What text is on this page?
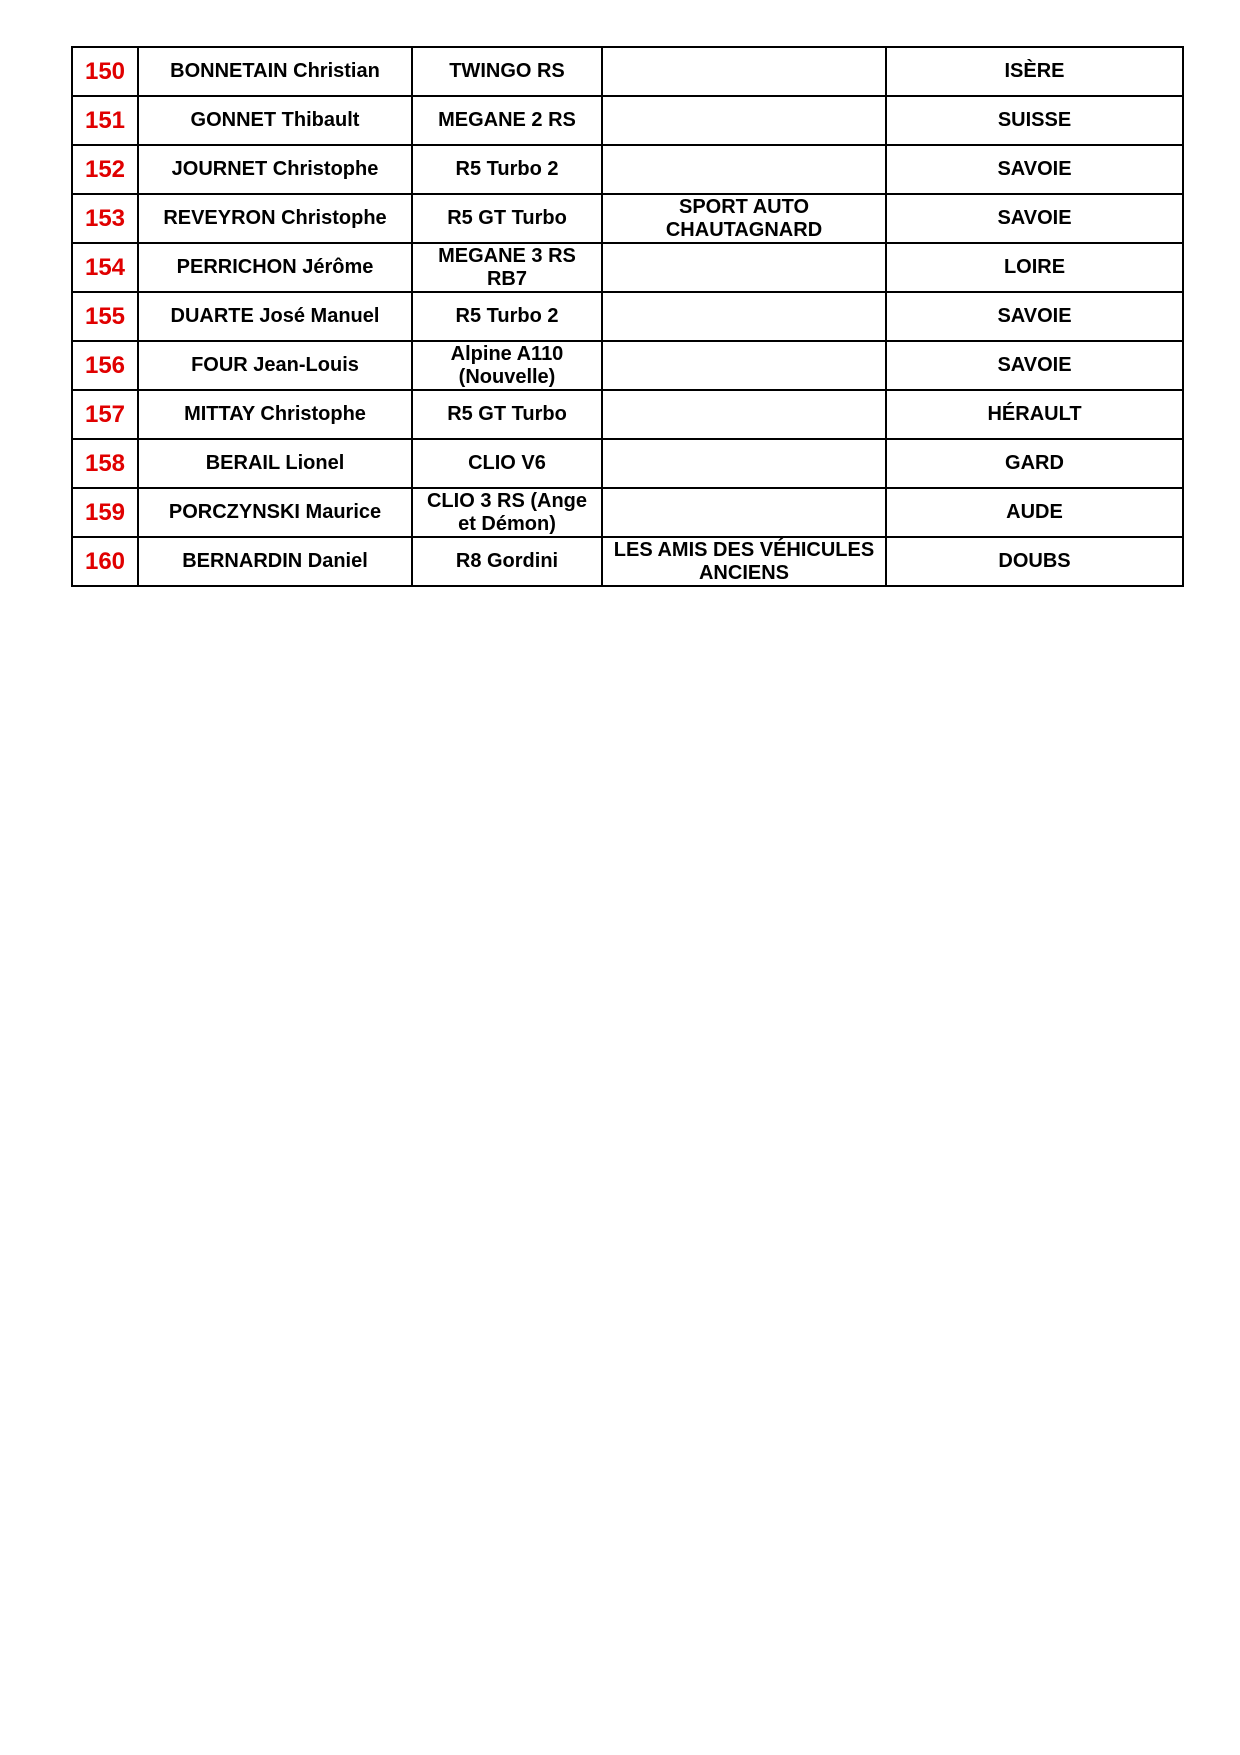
150	BONNETAIN Christian	TWINGO RS		ISÈRE
151	GONNET Thibault	MEGANE 2 RS		SUISSE
152	JOURNET Christophe	R5 Turbo 2		SAVOIE
153	REVEYRON Christophe	R5 GT Turbo	SPORT AUTO CHAUTAGNARD	SAVOIE
154	PERRICHON Jérôme	MEGANE 3 RS RB7		LOIRE
155	DUARTE José Manuel	R5 Turbo 2		SAVOIE
156	FOUR Jean-Louis	Alpine A110 (Nouvelle)		SAVOIE
157	MITTAY Christophe	R5 GT Turbo		HÉRAULT
158	BERAIL Lionel	CLIO V6		GARD
159	PORCZYNSKI Maurice	CLIO 3 RS (Ange et Démon)		AUDE
160	BERNARDIN Daniel	R8 Gordini	LES AMIS DES VÉHICULES ANCIENS	DOUBS
